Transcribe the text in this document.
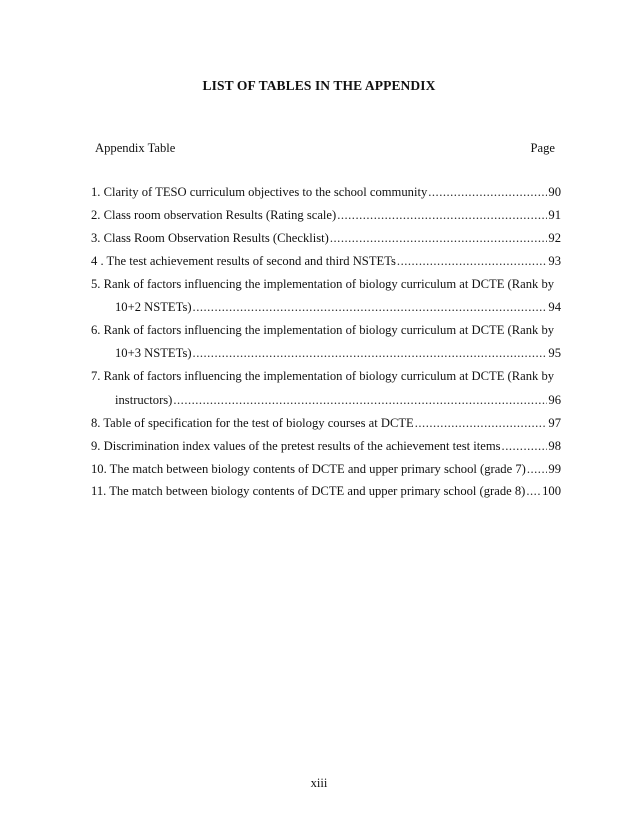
LIST OF TABLES IN THE APPENDIX
Appendix Table	Page
1. Clarity of TESO curriculum objectives to the school community .....	90
2. Class room observation Results (Rating scale) .....	91
3. Class Room Observation Results (Checklist) .....	92
4 . The test achievement results of second and third NSTETs .....	93
5. Rank of factors influencing the implementation of biology curriculum at DCTE (Rank by
10+2 NSTETs) .....	94
6. Rank of factors influencing the implementation of biology curriculum at DCTE (Rank by
10+3 NSTETs) .....	95
7. Rank of factors influencing the implementation of biology curriculum at DCTE (Rank by
instructors) .....	96
8. Table of specification for the test of biology courses at DCTE .....	97
9. Discrimination index values of the pretest results of the achievement test items .....	98
10. The match between biology contents of DCTE and upper primary school (grade 7) ..... 99
11. The match between biology contents of DCTE and upper primary school (grade 8) ..... 100
xiii
